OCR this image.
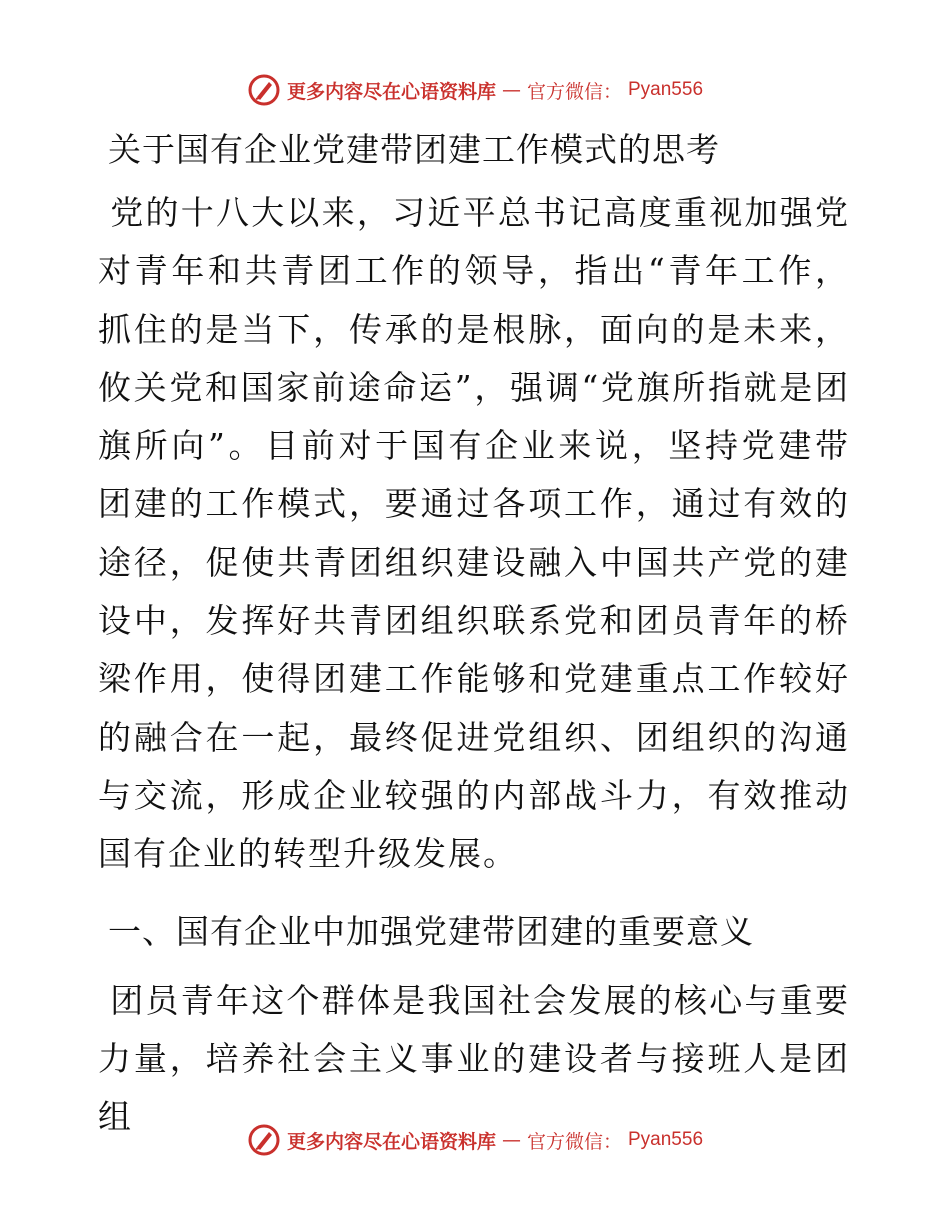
更多内容尽在心语资料库 — 官方微信： Pyan556
关于国有企业党建带团建工作模式的思考

党的十八大以来，习近平总书记高度重视加强党对青年和共青团工作的领导，指出“青年工作，抓住的是当下，传承的是根脉，面向的是未来，攸关党和国家前途命运”，强调“党旗所指就是团旗所向”。目前对于国有企业来说，坚持党建带团建的工作模式，要通过各项工作，通过有效的途径，促使共青团组织建设融入中国共产党的建设中，发挥好共青团组织联系党和团员青年的桥梁作用，使得团建工作能够和党建重点工作较好的融合在一起，最终促进党组织、团组织的沟通与交流，形成企业较强的内部战斗力，有效推动国有企业的转型升级发展。

一、国有企业中加强党建带团建的重要意义

团员青年这个群体是我国社会发展的核心与重要力量，培养社会主义事业的建设者与接班人是团组

更多内容尽在心语资料库 — 官方微信： Pyan556
